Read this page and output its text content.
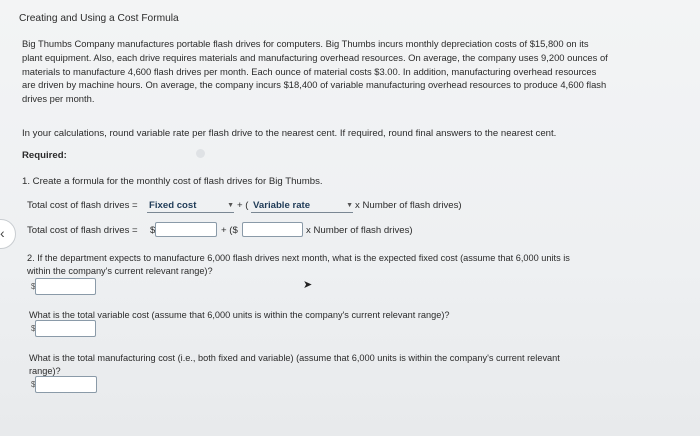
Creating and Using a Cost Formula
Big Thumbs Company manufactures portable flash drives for computers. Big Thumbs incurs monthly depreciation costs of $15,800 on its
plant equipment. Also, each drive requires materials and manufacturing overhead resources. On average, the company uses 9,200 ounces of
materials to manufacture 4,600 flash drives per month. Each ounce of material costs $3.00. In addition, manufacturing overhead resources
are driven by machine hours. On average, the company incurs $18,400 of variable manufacturing overhead resources to produce 4,600 flash
drives per month.
In your calculations, round variable rate per flash drive to the nearest cent. If required, round final answers to the nearest cent.
Required:
1. Create a formula for the monthly cost of flash drives for Big Thumbs.
Total cost of flash drives = Fixed cost	▼ + ( Variable rate	▼ x Number of flash drives)
‹ Total cost of flash drives = $	+ ($	x Number of flash drives)
2. If the department expects to manufacture 6,000 flash drives next month, what is the expected fixed cost (assume that 6,000 units is
within the company's current relevant range)?
$	➤
What is the total variable cost (assume that 6,000 units is within the company's current relevant range)?
$
What is the total manufacturing cost (i.e., both fixed and variable) (assume that 6,000 units is within the company's current relevant
range)?
$
